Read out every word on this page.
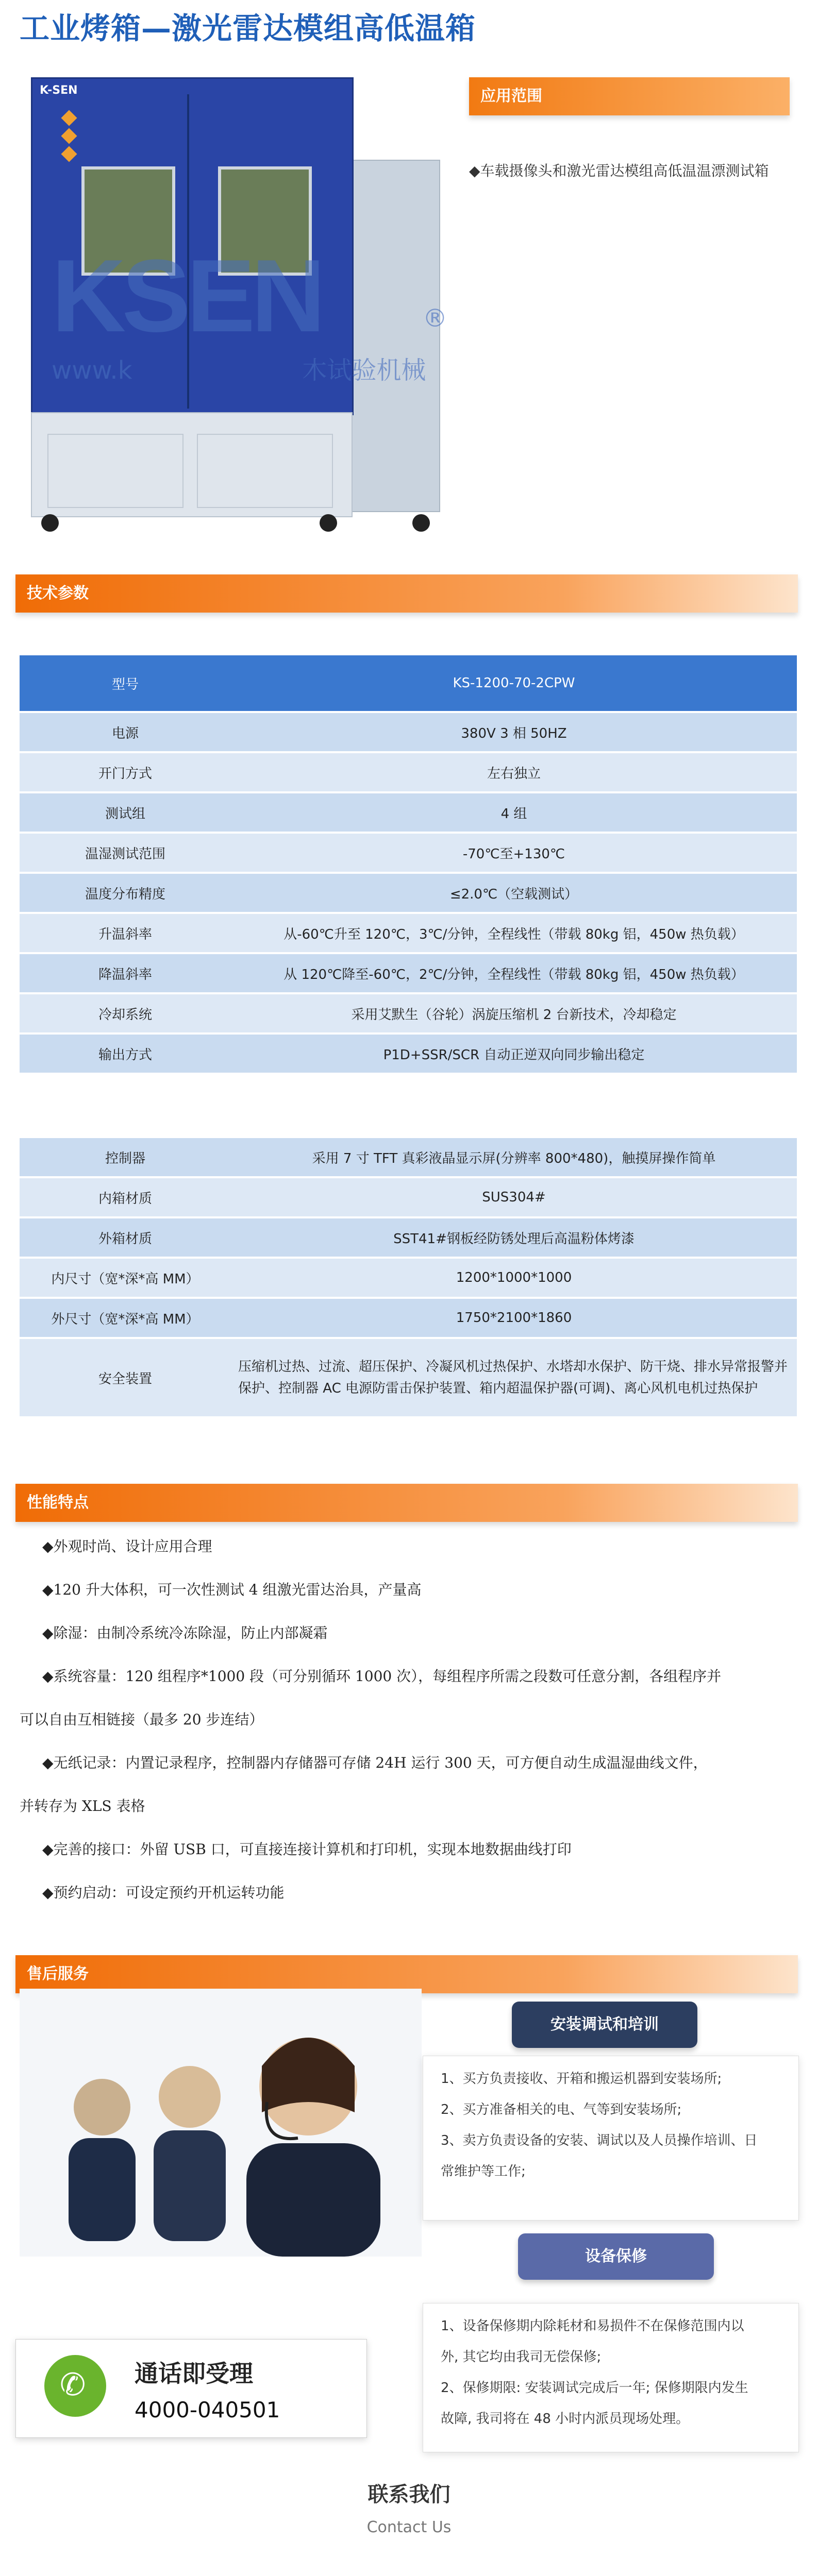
工业烤箱—激光雷达模组高低温箱
K-SEN
KSEN
www.k	木试验机械
®
应用范围
◆车载摄像头和激光雷达模组高低温温漂测试箱
技术参数
型号	KS-1200-70-2CPW
电源	380V 3 相 50HZ
开门方式	左右独立
测试组	4 组
温湿测试范围	-70℃至+130℃
温度分布精度	≤2.0℃（空载测试）
升温斜率	从-60℃升至 120℃，3℃/分钟，全程线性（带载 80kg 铝，450w 热负载）
降温斜率	从 120℃降至-60℃，2℃/分钟，全程线性（带载 80kg 铝，450w 热负载）
冷却系统	采用艾默生（谷轮）涡旋压缩机 2 台新技术，冷却稳定
输出方式	P1D+SSR/SCR 自动正逆双向同步输出稳定
控制器	采用 7 寸 TFT 真彩液晶显示屏(分辨率 800*480)，触摸屏操作简单
内箱材质	SUS304#
外箱材质	SST41#钢板经防锈处理后高温粉体烤漆
内尺寸（宽*深*高 MM）	1200*1000*1000
外尺寸（宽*深*高 MM）	1750*2100*1860
安全装置	压缩机过热、过流、超压保护、冷凝风机过热保护、水塔却水保护、防干烧、排水异常报警并保护、控制器 AC 电源防雷击保护装置、箱内超温保护器(可调)、离心风机电机过热保护
性能特点

◆外观时尚、设计应用合理

◆120 升大体积，可一次性测试 4 组激光雷达治具，产量高

◆除湿：由制冷系统冷冻除湿，防止内部凝霜

◆系统容量：120 组程序*1000 段（可分别循环 1000 次），每组程序所需之段数可任意分割，各组程序并

可以自由互相链接（最多 20 步连结）

◆无纸记录：内置记录程序，控制器内存储器可存储 24H 运行 300 天，可方便自动生成温湿曲线文件，

并转存为 XLS 表格

◆完善的接口：外留 USB 口，可直接连接计算机和打印机，实现本地数据曲线打印

◆预约启动：可设定预约开机运转功能

售后服务
安装调试和培训
1、买方负责接收、开箱和搬运机器到安装场所;
2、买方准备相关的电、气等到安装场所;
3、卖方负责设备的安装、调试以及人员操作培训、日
常维护等工作;
设备保修
1、设备保修期内除耗材和易损件不在保修范围内以
外, 其它均由我司无偿保修;
2、保修期限: 安装调试完成后一年; 保修期限内发生
故障, 我司将在 48 小时内派员现场处理。
✆ 通话即受理
4000-040501
联系我们
Contact Us
